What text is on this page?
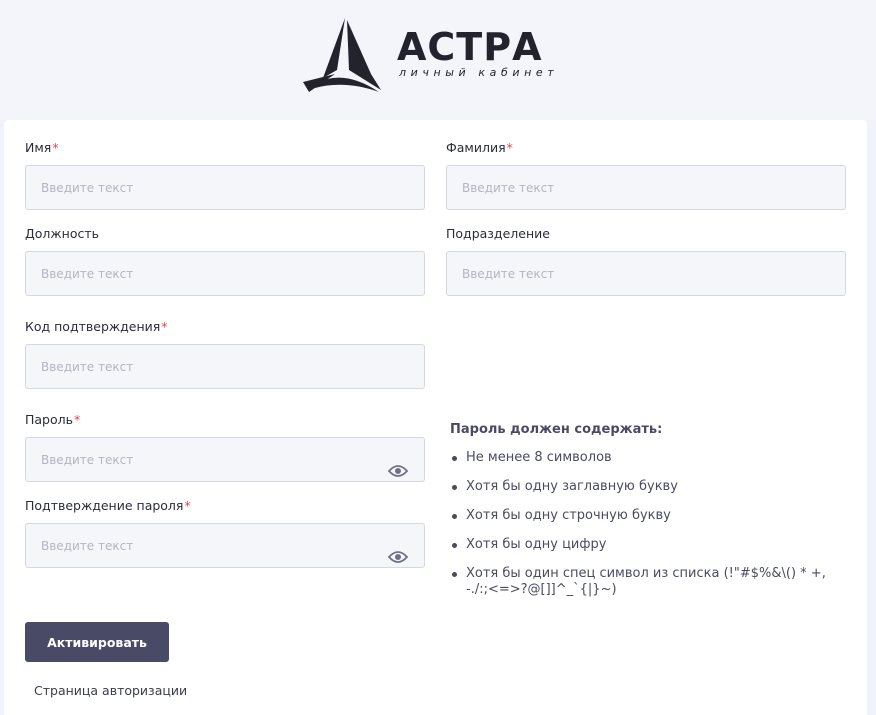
АСТРА
личный кабинет
Имя*
Введите текст	Фамилия*
Введите текст
Должность
Введите текст	Подразделение
Введите текст
Код подтверждения*
Введите текст
Пароль*
Подтверждение пароля*
Пароль должен содержать:
Не менее 8 символов
Хотя бы одну заглавную букву
Хотя бы одну строчную букву
Хотя бы одну цифру
Хотя бы один спец символ из списка (!"#$%&\() * +, -./:;<=>?@[]]^_`{|}~)
Активировать
Страница авторизации
